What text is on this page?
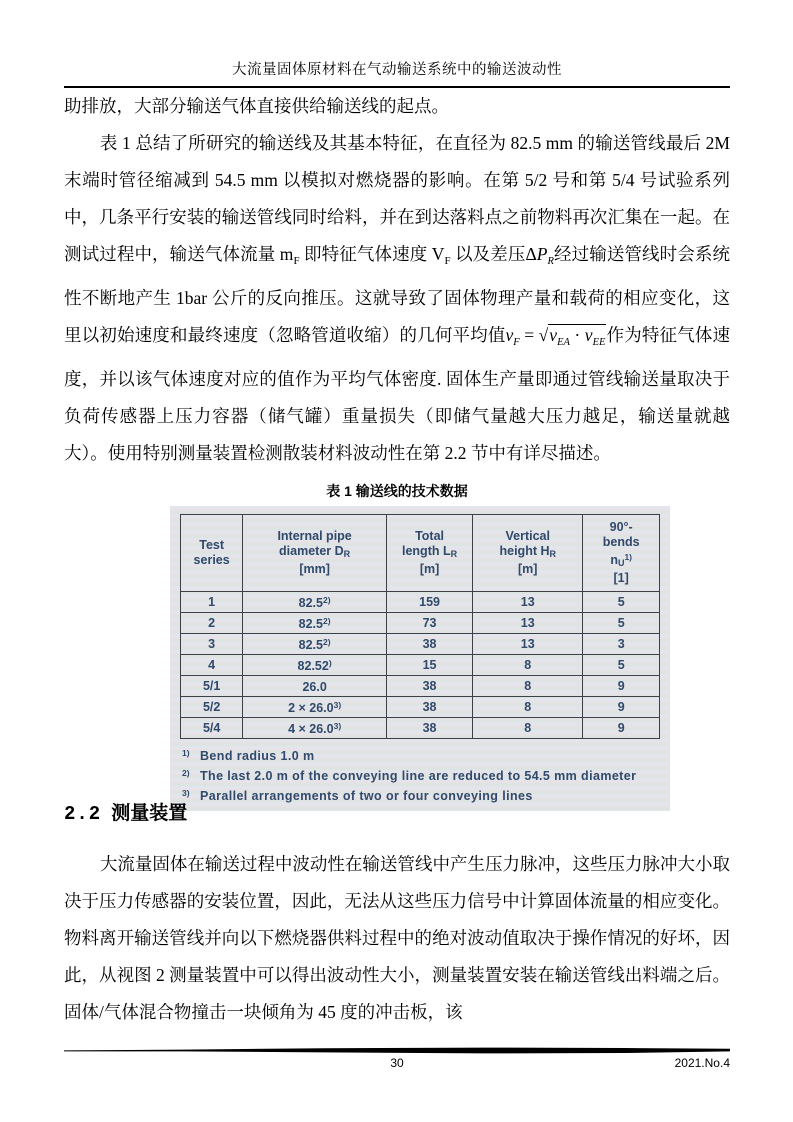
大流量固体原材料在气动输送系统中的输送波动性

助排放，大部分输送气体直接供给输送线的起点。

表 1 总结了所研究的输送线及其基本特征，在直径为 82.5 mm 的输送管线最后 2M 末端时管径缩减到 54.5 mm 以模拟对燃烧器的影响。在第 5/2 号和第 5/4 号试验系列中，几条平行安装的输送管线同时给料，并在到达落料点之前物料再次汇集在一起。在测试过程中，输送气体流量 $m_F$ 即特征气体速度 $V_F$ 以及差压$\Delta P_R$经过输送管线时会系统性不断地产生 1bar 公斤的反向推压。这就导致了固体物理产量和载荷的相应变化，这里以初始速度和最终速度（忽略管道收缩）的几何平均值$v_F = √v_{EA} \cdot v_{EE}$作为特征气体速度，并以该气体速度对应的值作为平均气体密度. 固体生产量即通过管线输送量取决于负荷传感器上压力容器（储气罐）重量损失（即储气量越大压力越足，输送量就越大）。使用特别测量装置检测散装材料波动性在第 2.2 节中有详尽描述。

表 1 输送线的技术数据
Test
series	Internal pipe
diameter DR
[mm]	Total
length LR
[m]	Vertical
height HR
[m]	90°-
bends
$nU^{1)}$
[1]
1	82.5$^{2)}$	159	13	5
2	82.5$^{2)}$	73	13	5
3	82.5$^{2)}$	38	13	3
4	82.52)	15	8	5
5/1	26.0	38	8	9
5/2	$2 \times 26.0^{3)}$	38	8	9
5/4	$4 \times 26.0^{3)}$	38	8	9
$^{1)}$ Bend radius 1.0 m
$^{2)}$ The last 2.0 m of the conveying line are reduced to 54.5 mm diameter
$^{3)}$ Parallel arrangements of two or four conveying lines
2.2 测量装置

大流量固体在输送过程中波动性在输送管线中产生压力脉冲，这些压力脉冲大小取决于压力传感器的安装位置，因此，无法从这些压力信号中计算固体流量的相应变化。物料离开输送管线并向以下燃烧器供料过程中的绝对波动值取决于操作情况的好坏，因此，从视图 2 测量装置中可以得出波动性大小，测量装置安装在输送管线出料端之后。固体/气体混合物撞击一块倾角为 45 度的冲击板，该

30	2021.No.4
